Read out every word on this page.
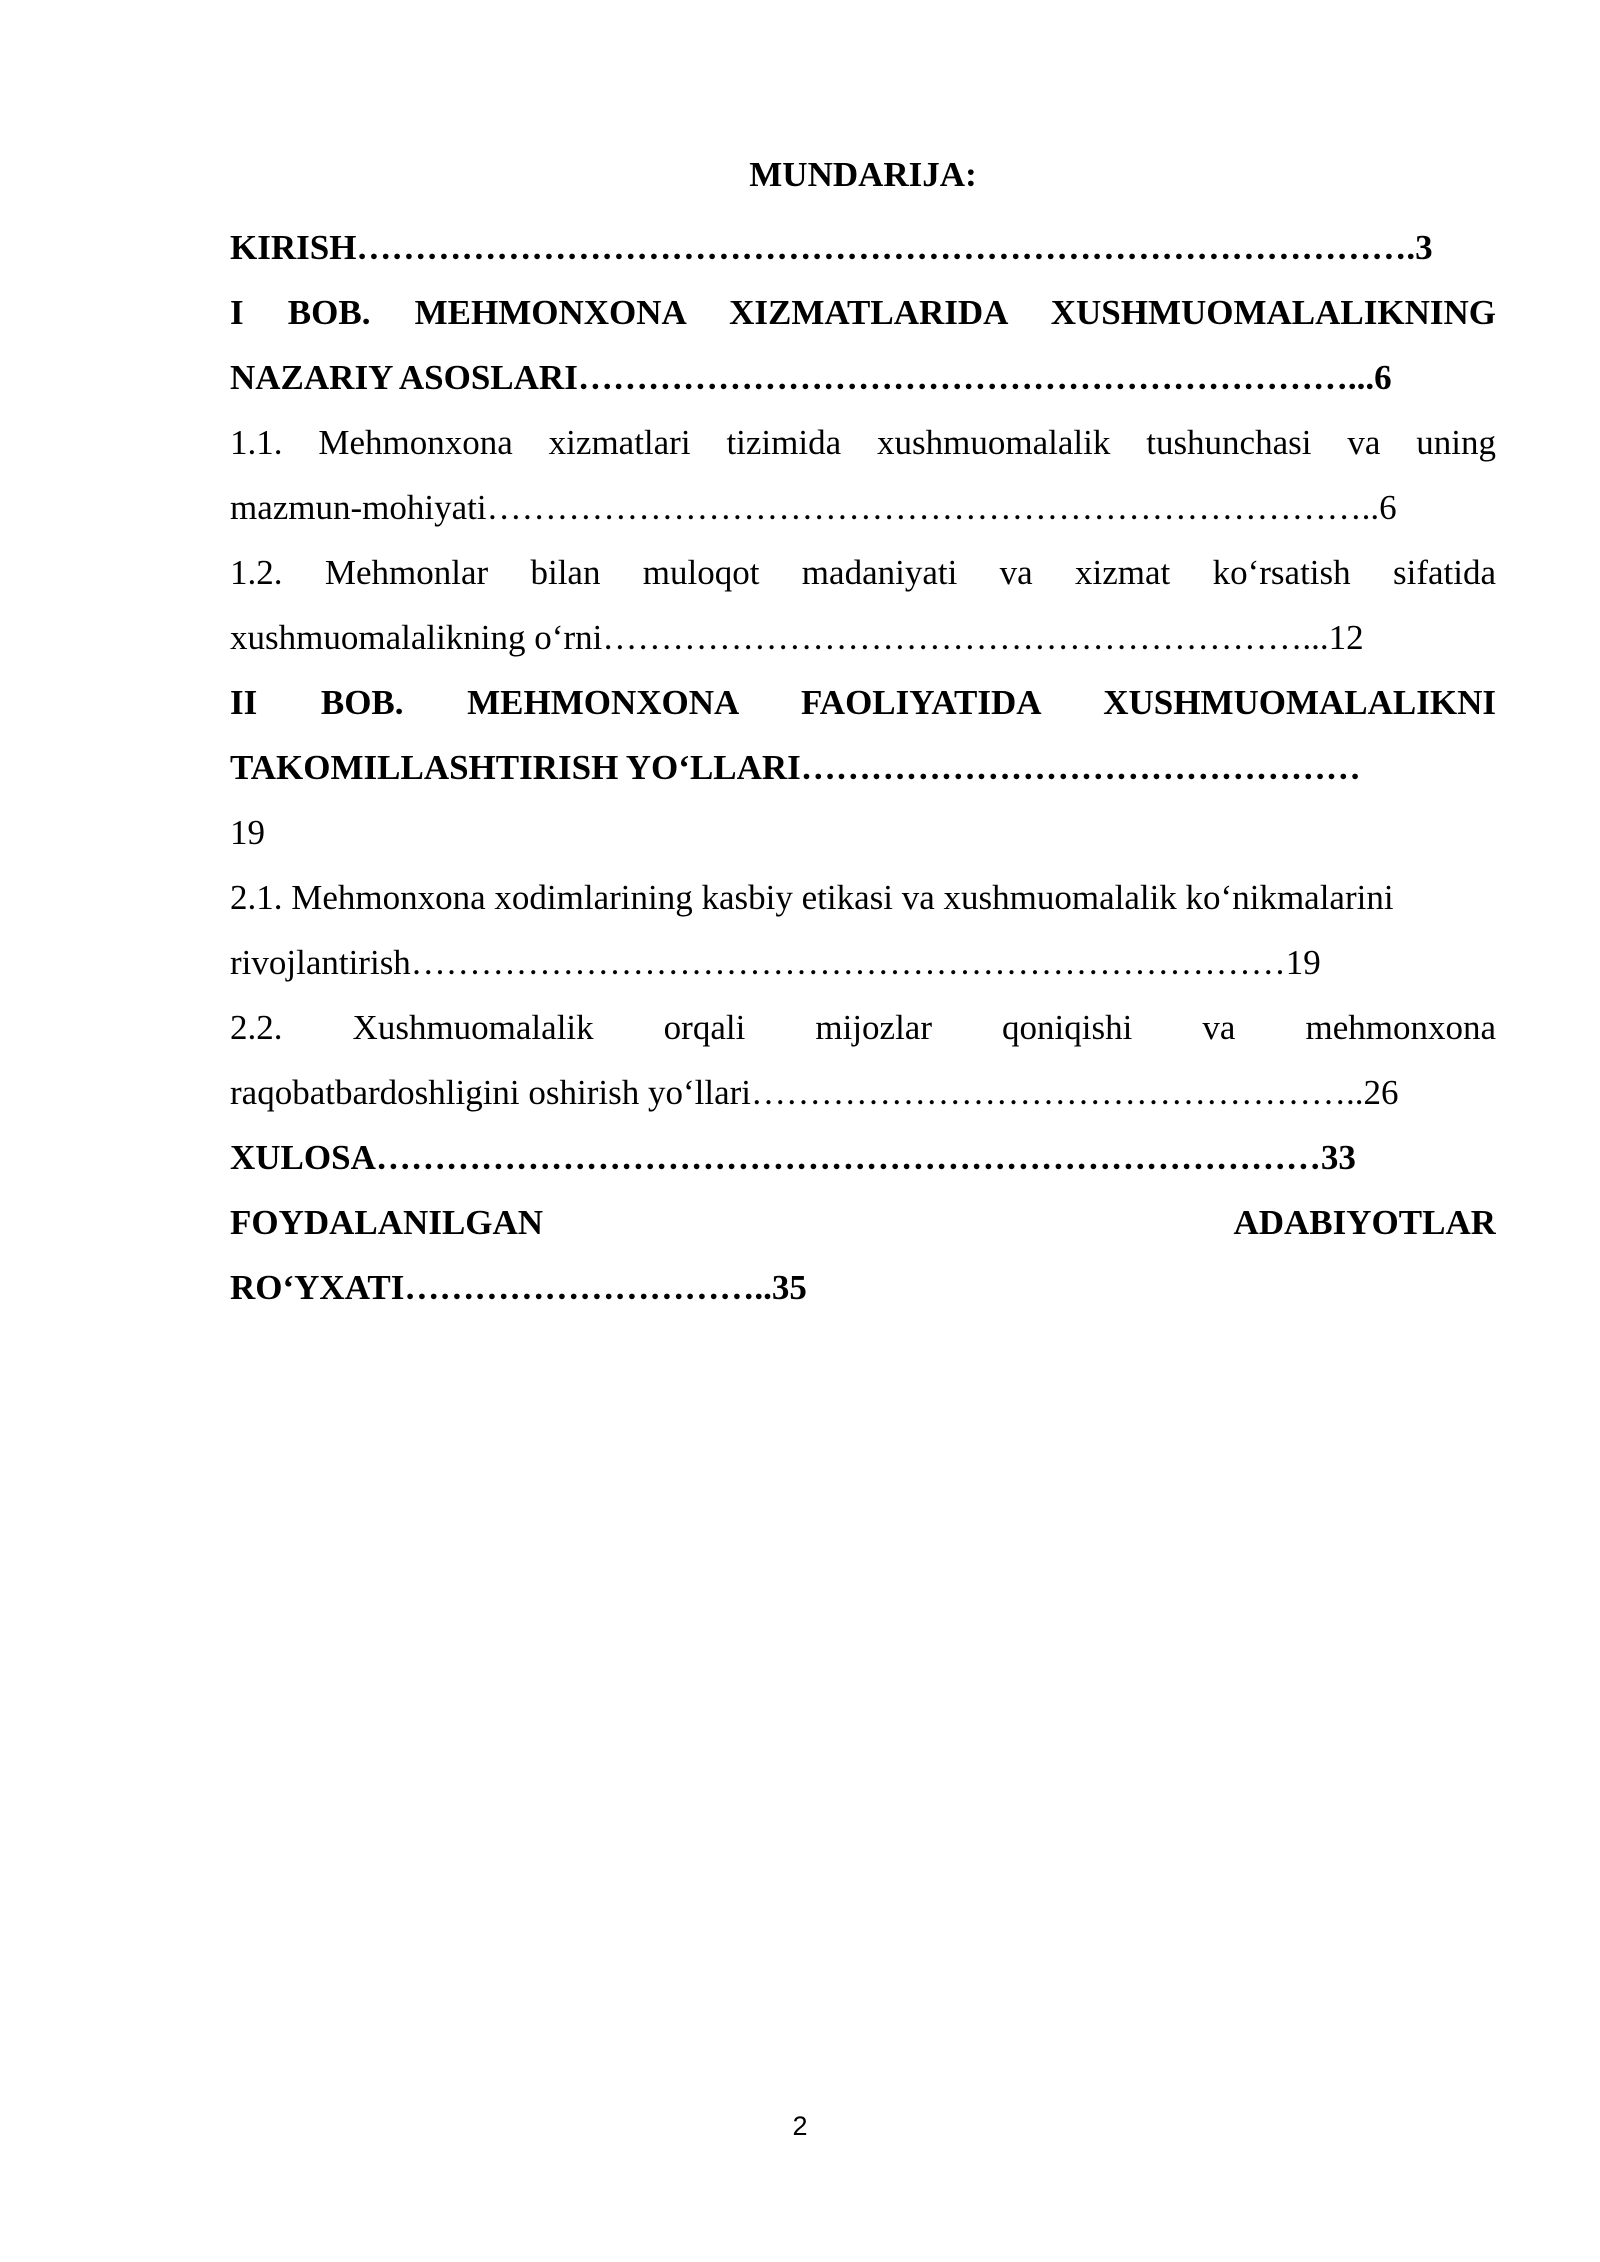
MUNDARIJA:
KIRISH……………………………………………………………………………….3
I BOB. MEHMONXONA XIZMATLARIDA XUSHMUOMALALIKNING
NAZARIY ASOSLARI…………………………………………………………...6
1.1. Mehmonxona xizmatlari tizimida xushmuomalalik tushunchasi va uning
mazmun-mohiyati…………………………………………………………………..6
1.2. Mehmonlar bilan muloqot madaniyati va xizmat ko‘rsatish sifatida
xushmuomalalikning o‘rni……………………………………………………...12
II BOB. MEHMONXONA FAOLIYATIDA XUSHMUOMALALIKNI
TAKOMILLASHTIRISH YO‘LLARI…………………………………………
19
2.1. Mehmonxona xodimlarining kasbiy etikasi va xushmuomalalik ko‘nikmalarini
rivojlantirish…………………………………………………………………19
2.2. Xushmuomalalik orqali mijozlar qoniqishi va mehmonxona
raqobatbardoshligini oshirish yo‘llari……………………………………………..26
XULOSA………………………………………………………………………33
FOYDALANILGAN ADABIYOTLAR
RO‘YXATI…………………………..35
2
